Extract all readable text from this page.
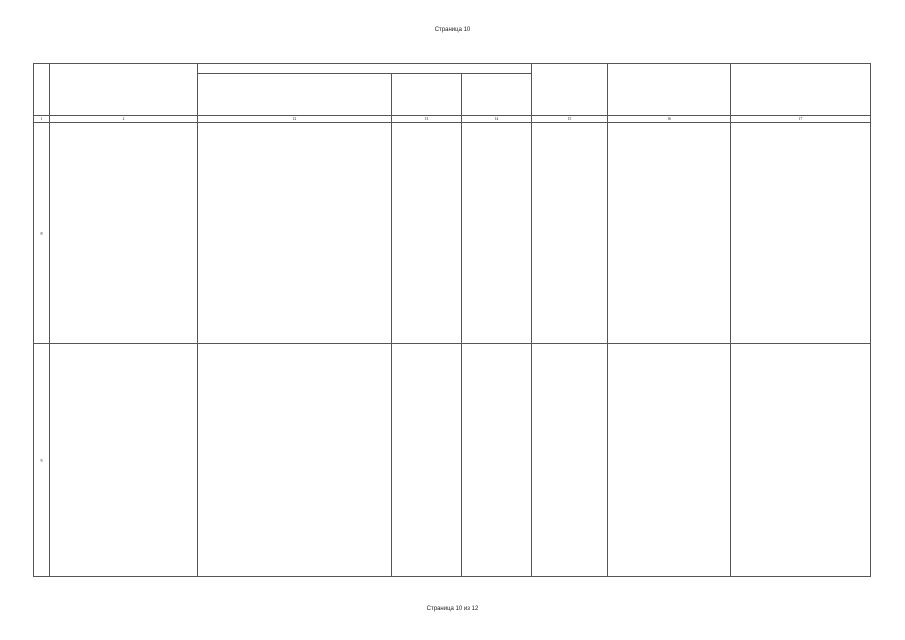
Страница 10

1	2	12	13	14	15	16	17
8							
9							
Страница 10 из 12
